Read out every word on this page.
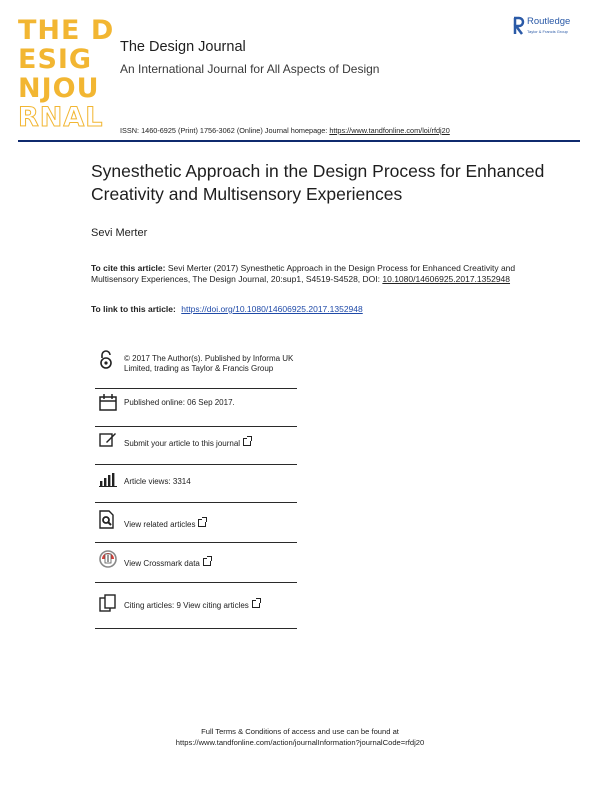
THE D
ESIG
NJOU
RNAL
The Design Journal
An International Journal for All Aspects of Design
Routledge
Taylor & Francis Group
ISSN: 1460-6925 (Print) 1756-3062 (Online) Journal homepage: https://www.tandfonline.com/loi/rfdj20
Synesthetic Approach in the Design Process for Enhanced Creativity and Multisensory Experiences
Sevi Merter
To cite this article: Sevi Merter (2017) Synesthetic Approach in the Design Process for Enhanced Creativity and Multisensory Experiences, The Design Journal, 20:sup1, S4519-S4528, DOI: 10.1080/14606925.2017.1352948
To link to this article: https://doi.org/10.1080/14606925.2017.1352948
© 2017 The Author(s). Published by Informa UK Limited, trading as Taylor & Francis Group
Published online: 06 Sep 2017.
Submit your article to this journal
Article views: 3314
View related articles
View Crossmark data
Citing articles: 9 View citing articles
Full Terms & Conditions of access and use can be found at
https://www.tandfonline.com/action/journalInformation?journalCode=rfdj20
